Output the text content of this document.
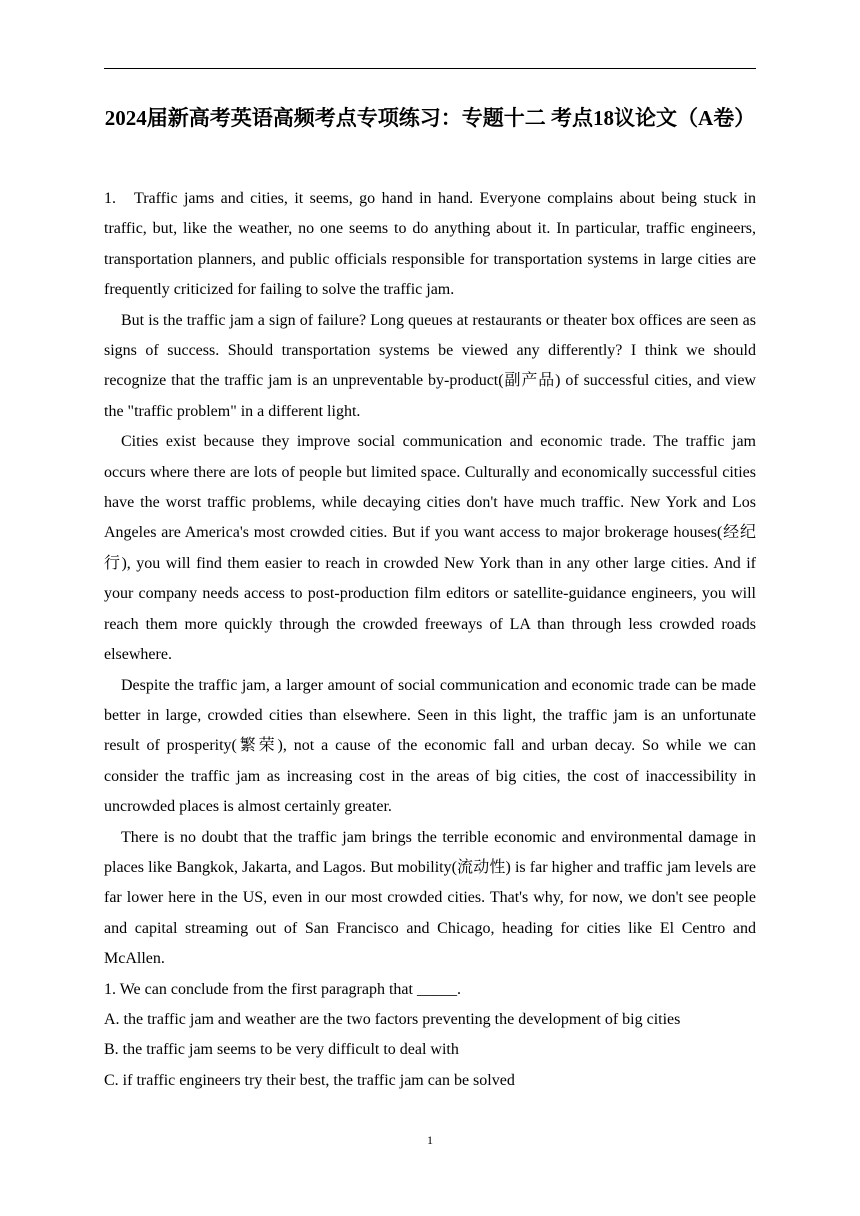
2024届新高考英语高频考点专项练习：专题十二 考点18议论文（A卷）

1. Traffic jams and cities, it seems, go hand in hand. Everyone complains about being stuck in traffic, but, like the weather, no one seems to do anything about it. In particular, traffic engineers, transportation planners, and public officials responsible for transportation systems in large cities are frequently criticized for failing to solve the traffic jam.

But is the traffic jam a sign of failure? Long queues at restaurants or theater box offices are seen as signs of success. Should transportation systems be viewed any differently? I think we should recognize that the traffic jam is an unpreventable by-product(副产品) of successful cities, and view the "traffic problem" in a different light.

Cities exist because they improve social communication and economic trade. The traffic jam occurs where there are lots of people but limited space. Culturally and economically successful cities have the worst traffic problems, while decaying cities don't have much traffic. New York and Los Angeles are America's most crowded cities. But if you want access to major brokerage houses(经纪行), you will find them easier to reach in crowded New York than in any other large cities. And if your company needs access to post-production film editors or satellite-guidance engineers, you will reach them more quickly through the crowded freeways of LA than through less crowded roads elsewhere.

Despite the traffic jam, a larger amount of social communication and economic trade can be made better in large, crowded cities than elsewhere. Seen in this light, the traffic jam is an unfortunate result of prosperity(繁荣), not a cause of the economic fall and urban decay. So while we can consider the traffic jam as increasing cost in the areas of big cities, the cost of inaccessibility in uncrowded places is almost certainly greater.

There is no doubt that the traffic jam brings the terrible economic and environmental damage in places like Bangkok, Jakarta, and Lagos. But mobility(流动性) is far higher and traffic jam levels are far lower here in the US, even in our most crowded cities. That's why, for now, we don't see people and capital streaming out of San Francisco and Chicago, heading for cities like El Centro and McAllen.

1. We can conclude from the first paragraph that _____.

A. the traffic jam and weather are the two factors preventing the development of big cities

B. the traffic jam seems to be very difficult to deal with

C. if traffic engineers try their best, the traffic jam can be solved

1
